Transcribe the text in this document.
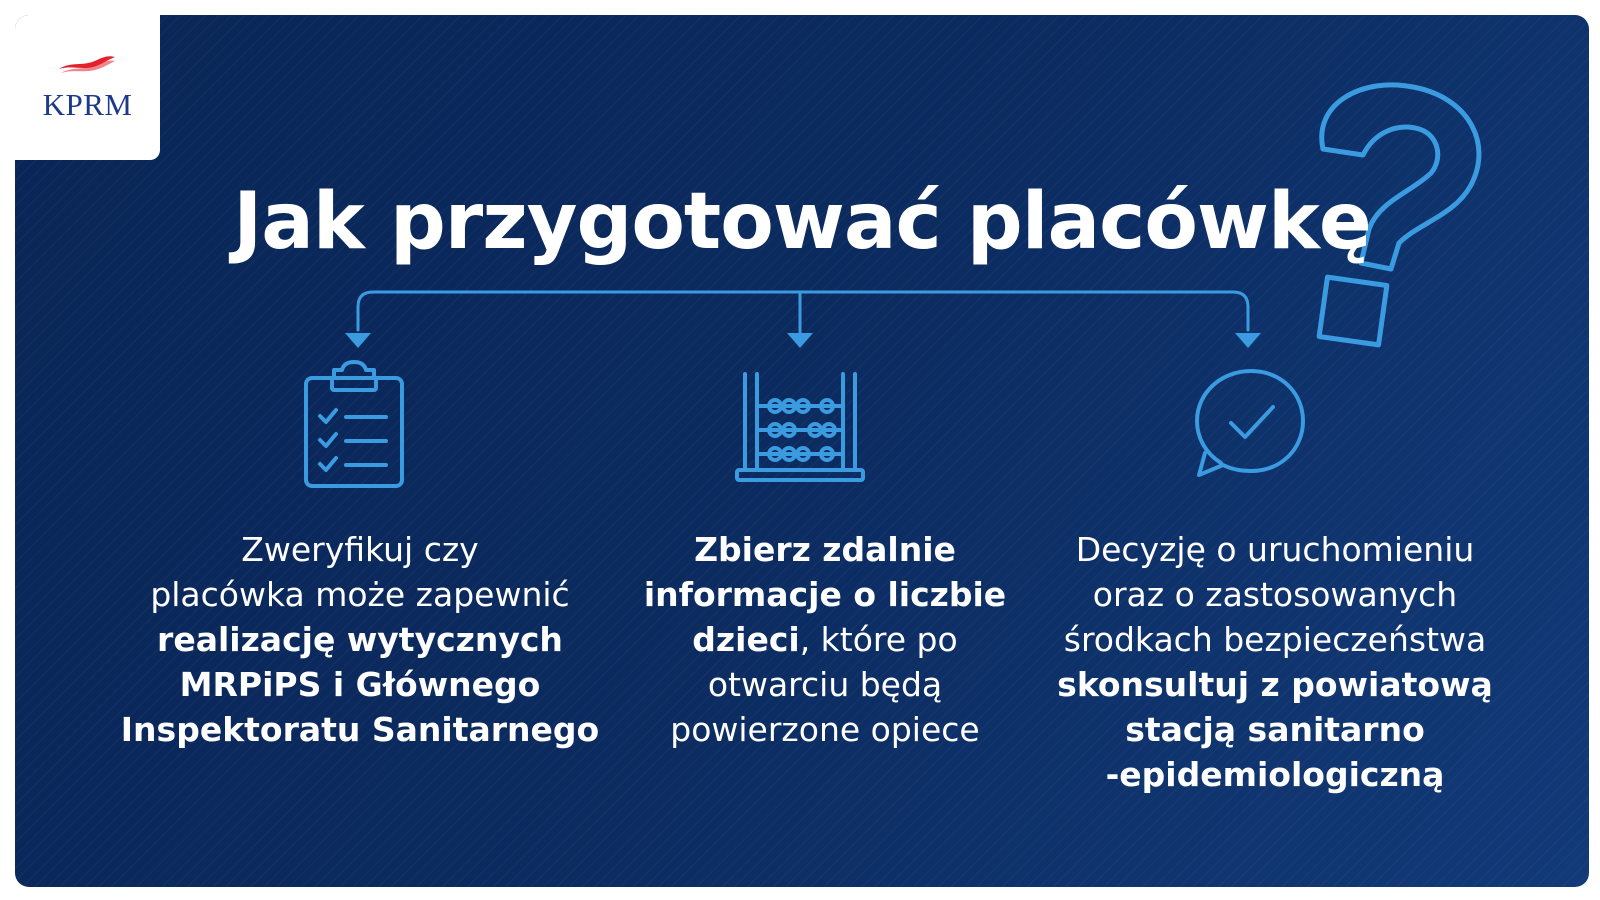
KPRM
Jak przygotować placówkę
Zweryfikuj czy
placówka może zapewnić
realizację wytycznych
MRPiPS i Głównego
Inspektoratu Sanitarnego
Zbierz zdalnie
informacje o liczbie
dzieci, które po
otwarciu będą
powierzone opiece
Decyzję o uruchomieniu
oraz o zastosowanych
środkach bezpieczeństwa
skonsultuj z powiatową
stacją sanitarno
-epidemiologiczną
